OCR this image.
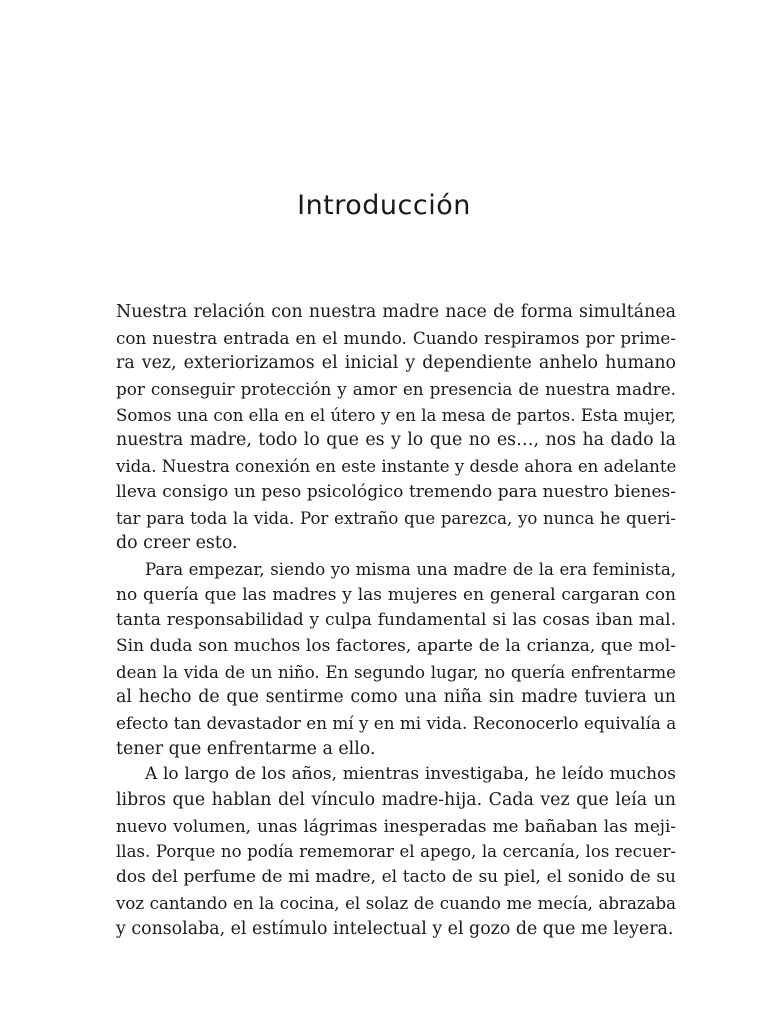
Introducción
Nuestra relación con nuestra madre nace de forma simultánea
con nuestra entrada en el mundo. Cuando respiramos por prime-
ra vez, exteriorizamos el inicial y dependiente anhelo humano
por conseguir protección y amor en presencia de nuestra madre.
Somos una con ella en el útero y en la mesa de partos. Esta mujer,
nuestra madre, todo lo que es y lo que no es…, nos ha dado la
vida. Nuestra conexión en este instante y desde ahora en adelante
lleva consigo un peso psicológico tremendo para nuestro bienes-
tar para toda la vida. Por extraño que parezca, yo nunca he queri-
do creer esto.
Para empezar, siendo yo misma una madre de la era feminista,
no quería que las madres y las mujeres en general cargaran con
tanta responsabilidad y culpa fundamental si las cosas iban mal.
Sin duda son muchos los factores, aparte de la crianza, que mol-
dean la vida de un niño. En segundo lugar, no quería enfrentarme
al hecho de que sentirme como una niña sin madre tuviera un
efecto tan devastador en mí y en mi vida. Reconocerlo equivalía a
tener que enfrentarme a ello.
A lo largo de los años, mientras investigaba, he leído muchos
libros que hablan del vínculo madre-hija. Cada vez que leía un
nuevo volumen, unas lágrimas inesperadas me bañaban las meji-
llas. Porque no podía rememorar el apego, la cercanía, los recuer-
dos del perfume de mi madre, el tacto de su piel, el sonido de su
voz cantando en la cocina, el solaz de cuando me mecía, abrazaba
y consolaba, el estímulo intelectual y el gozo de que me leyera.
